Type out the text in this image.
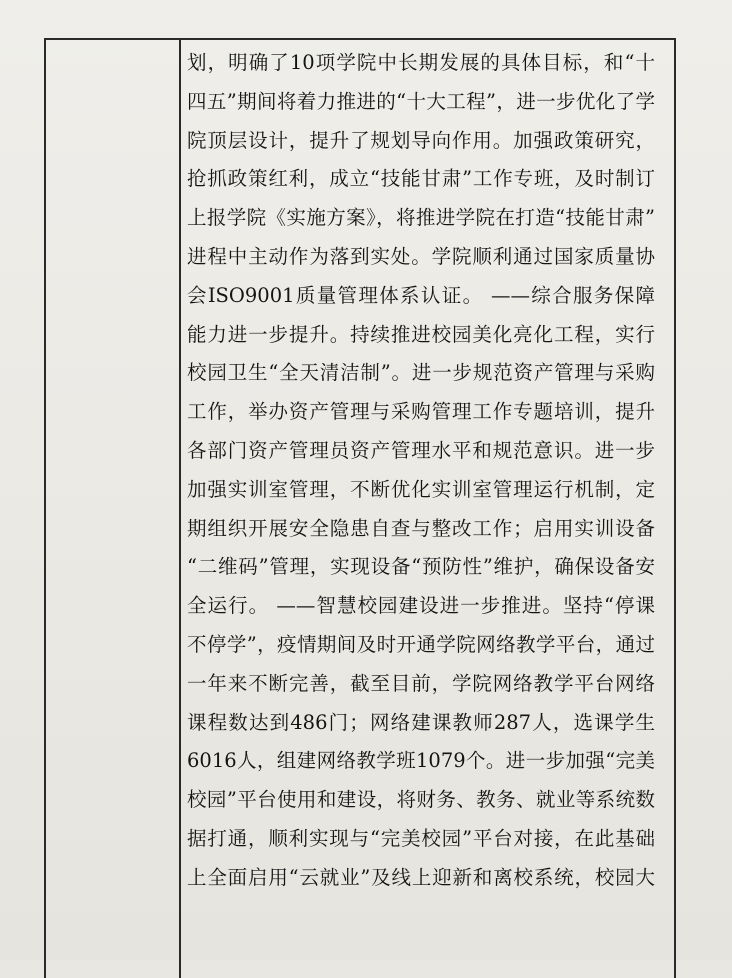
划，明确了10项学院中长期发展的具体目标，和“十
四五”期间将着力推进的“十大工程”，进一步优化了学
院顶层设计，提升了规划导向作用。加强政策研究，
抢抓政策红利，成立“技能甘肃”工作专班，及时制订
上报学院《实施方案》，将推进学院在打造“技能甘肃”
进程中主动作为落到实处。学院顺利通过国家质量协
会ISO9001质量管理体系认证。 ——综合服务保障
能力进一步提升。持续推进校园美化亮化工程，实行
校园卫生“全天清洁制”。进一步规范资产管理与采购
工作，举办资产管理与采购管理工作专题培训，提升
各部门资产管理员资产管理水平和规范意识。进一步
加强实训室管理，不断优化实训室管理运行机制，定
期组织开展安全隐患自查与整改工作；启用实训设备
“二维码”管理，实现设备“预防性”维护，确保设备安
全运行。 ——智慧校园建设进一步推进。坚持“停课
不停学”，疫情期间及时开通学院网络教学平台，通过
一年来不断完善，截至目前，学院网络教学平台网络
课程数达到486门；网络建课教师287人，选课学生
6016人，组建网络教学班1079个。进一步加强“完美
校园”平台使用和建设，将财务、教务、就业等系统数
据打通，顺利实现与“完美校园”平台对接，在此基础
上全面启用“云就业”及线上迎新和离校系统，校园大
